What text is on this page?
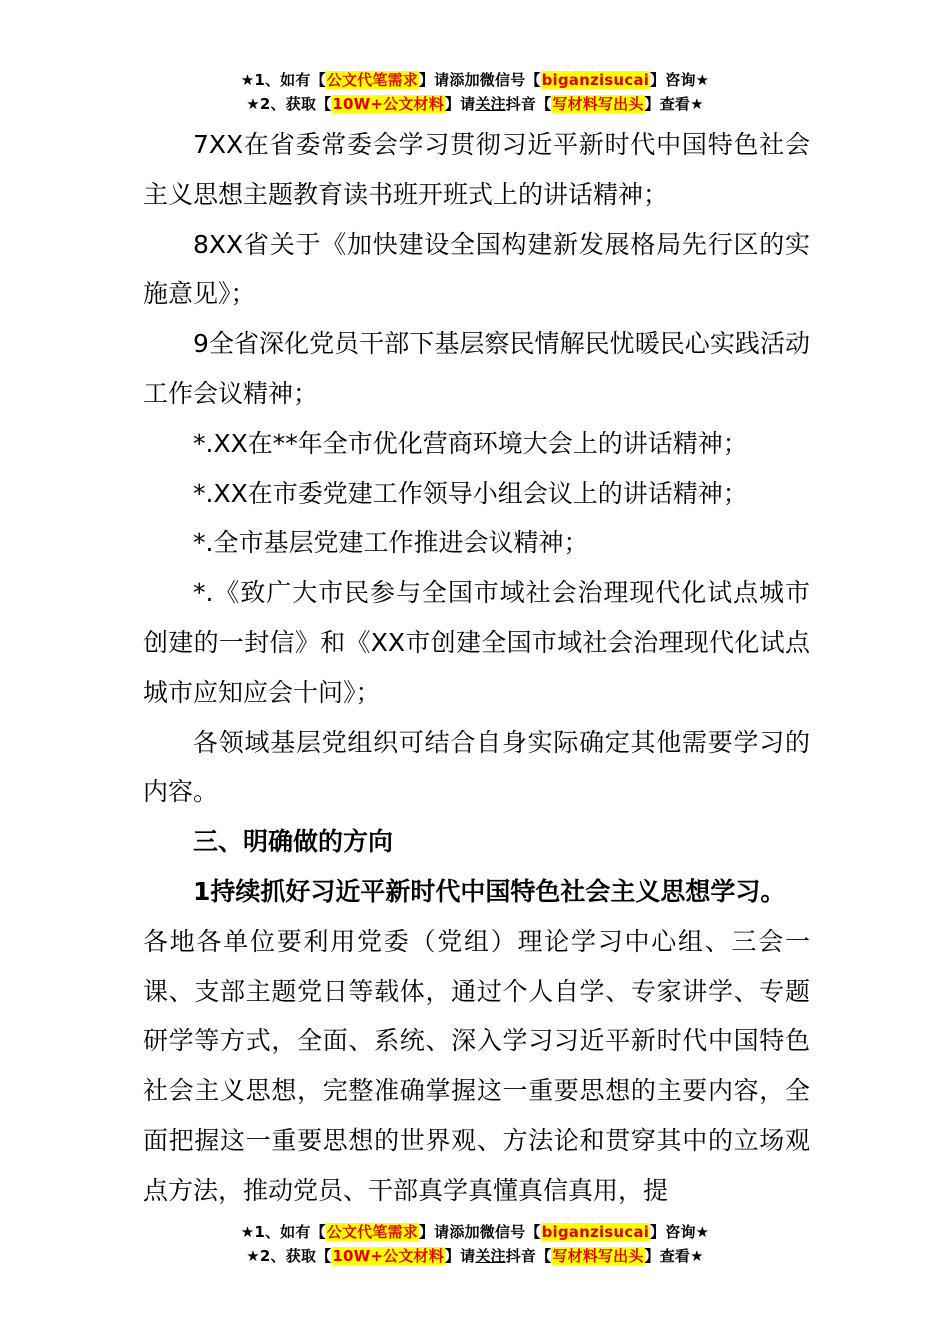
★1、如有【公文代笔需求】请添加微信号【biganzisucai】咨询★
★2、获取【10W+公文材料】请关注抖音【写材料写出头】查看★

7XX在省委常委会学习贯彻习近平新时代中国特色社会主义思想主题教育读书班开班式上的讲话精神；

8XX省关于《加快建设全国构建新发展格局先行区的实施意见》；

9全省深化党员干部下基层察民情解民忧暖民心实践活动工作会议精神；

*.XX在**年全市优化营商环境大会上的讲话精神；

*.XX在市委党建工作领导小组会议上的讲话精神；

*.全市基层党建工作推进会议精神；

*.《致广大市民参与全国市域社会治理现代化试点城市创建的一封信》和《XX市创建全国市域社会治理现代化试点城市应知应会十问》；

各领域基层党组织可结合自身实际确定其他需要学习的内容。

三、明确做的方向

1持续抓好习近平新时代中国特色社会主义思想学习。

各地各单位要利用党委（党组）理论学习中心组、三会一课、支部主题党日等载体，通过个人自学、专家讲学、专题研学等方式，全面、系统、深入学习习近平新时代中国特色社会主义思想，完整准确掌握这一重要思想的主要内容，全面把握这一重要思想的世界观、方法论和贯穿其中的立场观点方法，推动党员、干部真学真懂真信真用，提

★1、如有【公文代笔需求】请添加微信号【biganzisucai】咨询★
★2、获取【10W+公文材料】请关注抖音【写材料写出头】查看★
